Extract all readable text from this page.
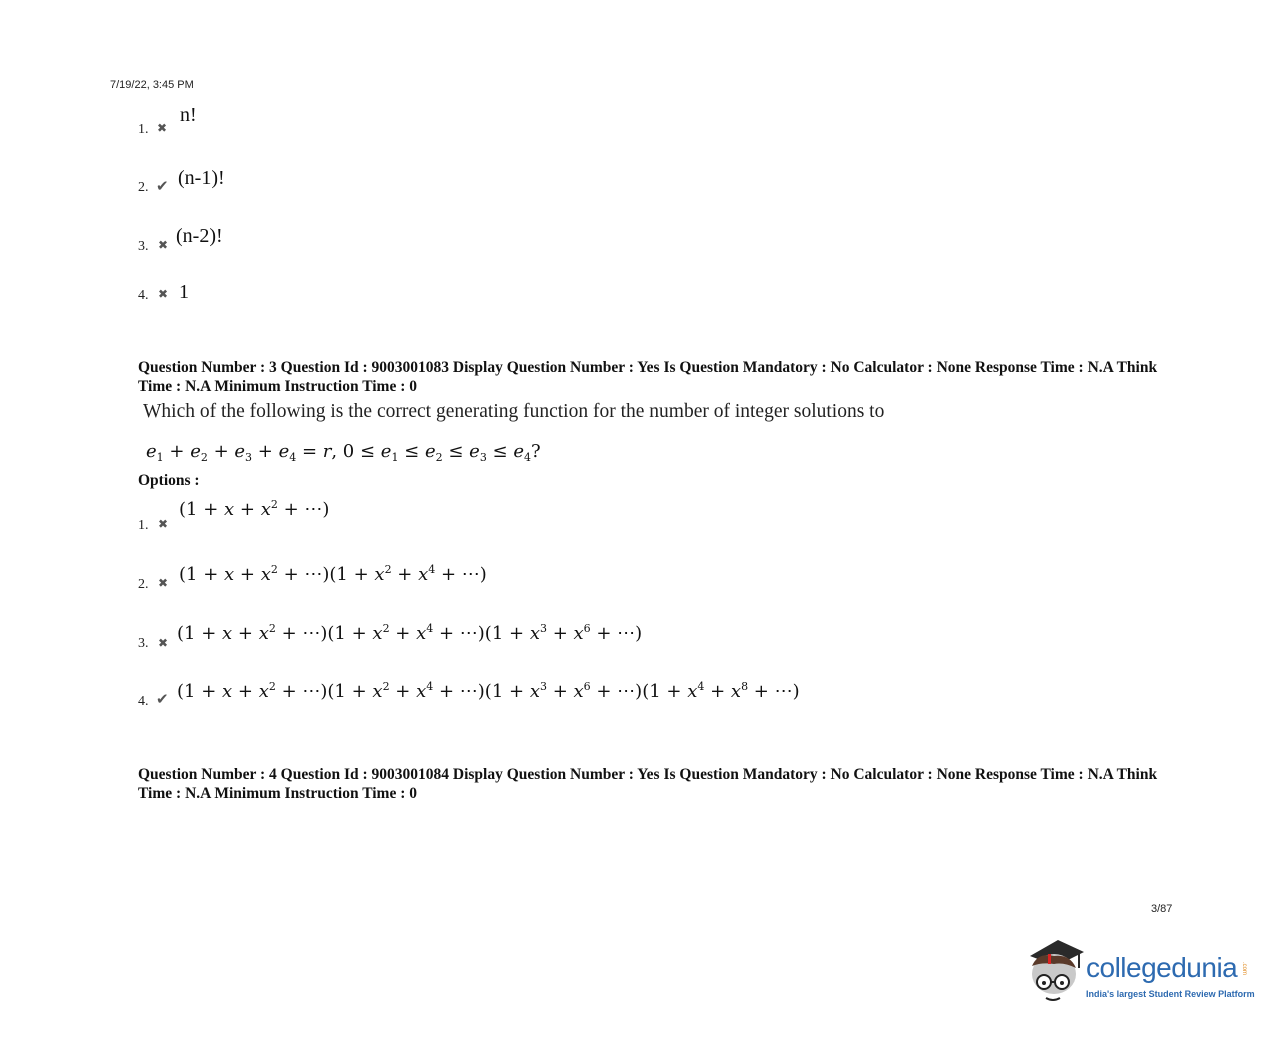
7/19/22, 3:45 PM
1. ✖
n!
2. ✔ (n-1)!
3. ✖ (n-2)!
4. ✖ 1
Question Number : 3 Question Id : 9003001083 Display Question Number : Yes Is Question Mandatory : No Calculator : None Response Time : N.A Think Time : N.A Minimum Instruction Time : 0
Which of the following is the correct generating function for the number of integer solutions to
$e_1 + e_2 + e_3 + e_4 = r$, $0 \le e_1 \le e_2 \le e_3 \le e_4$?
Options :
1. ✖
($1 + x + x^2$ + ⋯)
2. ✖ ($1 + x + x^2$ + ⋯)(1 + $x^2 + x^4$ + ⋯)
3. ✖ ($1 + x + x^2$ + ⋯)(1 + $x^2 + x^4$ + ⋯)(1 + $x^3 + x^6$ + ⋯)
4. ✔ ($1 + x + x^2$ + ⋯)(1 + $x^2 + x^4$ + ⋯)(1 + $x^3 + x^6$ + ⋯)(1 + $x^4 + x^8$ + ⋯)
Question Number : 4 Question Id : 9003001084 Display Question Number : Yes Is Question Mandatory : No Calculator : None Response Time : N.A Think Time : N.A Minimum Instruction Time : 0
3/87
collegedunia .com
India's largest Student Review Platform
